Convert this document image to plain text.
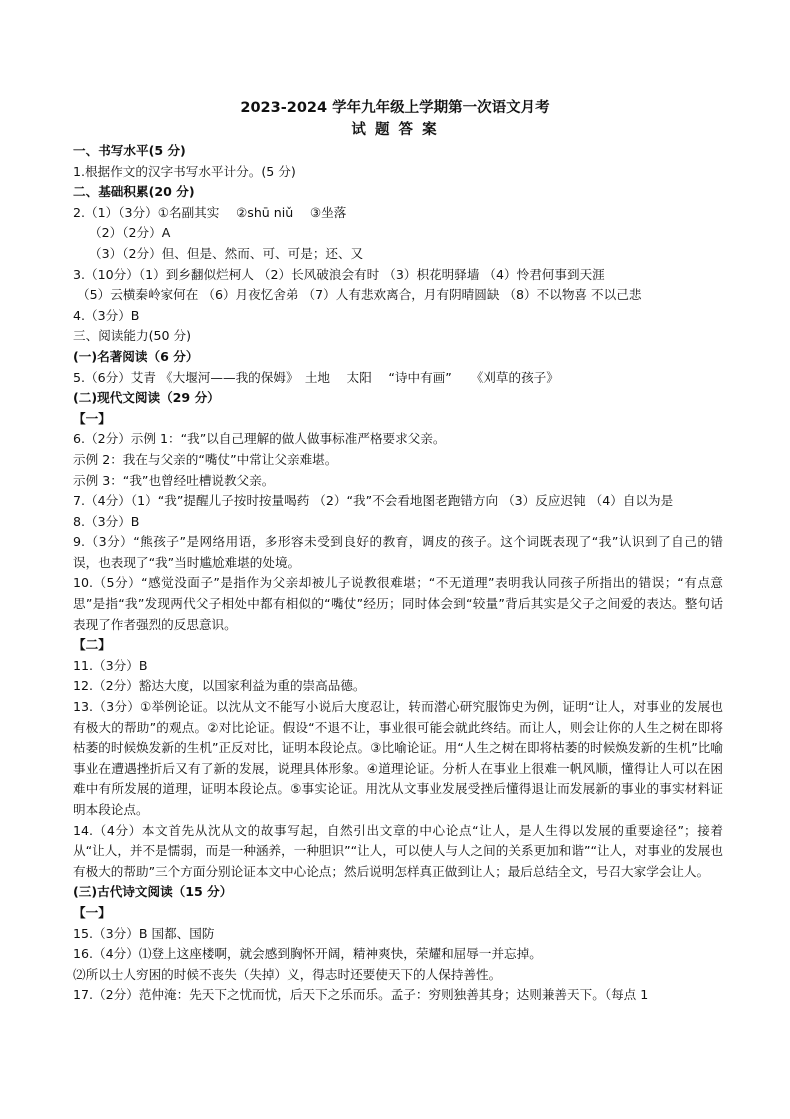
2023-2024 学年九年级上学期第一次语文月考
试 题 答 案
一、书写水平(5 分)
1.根据作文的汉字书写水平计分。(5 分)
二、基础积累(20 分)
2.（1）（3分）①名副其实　 ②shū niǔ 　③坐落
（2）（2分）A
（3）（2分）但、但是、然而、可、可是；还、又
3.（10分）（1）到乡翻似烂柯人 （2）长风破浪会有时 （3）枳花明驿墙 （4）怜君何事到天涯
（5）云横秦岭家何在 （6）月夜忆舍弟 （7）人有悲欢离合，月有阴晴圆缺 （8）不以物喜 不以己悲
4.（3分）B
三、阅读能力(50 分)
(一)名著阅读（6 分）
5.（6分）艾青 《大堰河——我的保姆》　土地　 太阳　 “诗中有画”　　《刈草的孩子》
(二)现代文阅读（29 分）
【一】
6.（2分）示例 1：“我”以自己理解的做人做事标准严格要求父亲。
示例 2：我在与父亲的“嘴仗”中常让父亲难堪。
示例 3：“我”也曾经吐槽说教父亲。
7.（4分）（1）“我”提醒儿子按时按量喝药 （2）“我”不会看地图老跑错方向 （3）反应迟钝 （4）自以为是
8.（3分）B
9.（3分）“熊孩子”是网络用语，多形容未受到良好的教育，调皮的孩子。这个词既表现了“我”认识到了自己的错误，也表现了“我”当时尴尬难堪的处境。
10.（5分）“感觉没面子”是指作为父亲却被儿子说教很难堪；“不无道理”表明我认同孩子所指出的错误；“有点意思”是指“我”发现两代父子相处中都有相似的“嘴仗”经历；同时体会到“较量”背后其实是父子之间爱的表达。整句话表现了作者强烈的反思意识。
【二】
11.（3分）B
12.（2分）豁达大度，以国家利益为重的崇高品德。
13.（3分）①举例论证。以沈从文不能写小说后大度忍让，转而潜心研究服饰史为例，证明“让人，对事业的发展也有极大的帮助”的观点。②对比论证。假设“不退不让，事业很可能会就此终结。而让人，则会让你的人生之树在即将枯萎的时候焕发新的生机”正反对比，证明本段论点。③比喻论证。用“人生之树在即将枯萎的时候焕发新的生机”比喻事业在遭遇挫折后又有了新的发展，说理具体形象。④道理论证。分析人在事业上很难一帆风顺，懂得让人可以在困难中有所发展的道理，证明本段论点。⑤事实论证。用沈从文事业发展受挫后懂得退让而发展新的事业的事实材料证明本段论点。
14.（4分）本文首先从沈从文的故事写起，自然引出文章的中心论点“让人，是人生得以发展的重要途径”；接着从“让人，并不是懦弱，而是一种涵养，一种胆识”“让人，可以使人与人之间的关系更加和谐”“让人，对事业的发展也有极大的帮助”三个方面分别论证本文中心论点；然后说明怎样真正做到让人；最后总结全文，号召大家学会让人。
(三)古代诗文阅读（15 分）
【一】
15.（3分）B 国都、国防
16.（4分）⑴登上这座楼啊，就会感到胸怀开阔，精神爽快，荣耀和屈辱一并忘掉。
⑵所以士人穷困的时候不丧失（失掉）义，得志时还要使天下的人保持善性。
17.（2分）范仲淹：先天下之忧而忧，后天下之乐而乐。孟子：穷则独善其身；达则兼善天下。（每点 1
